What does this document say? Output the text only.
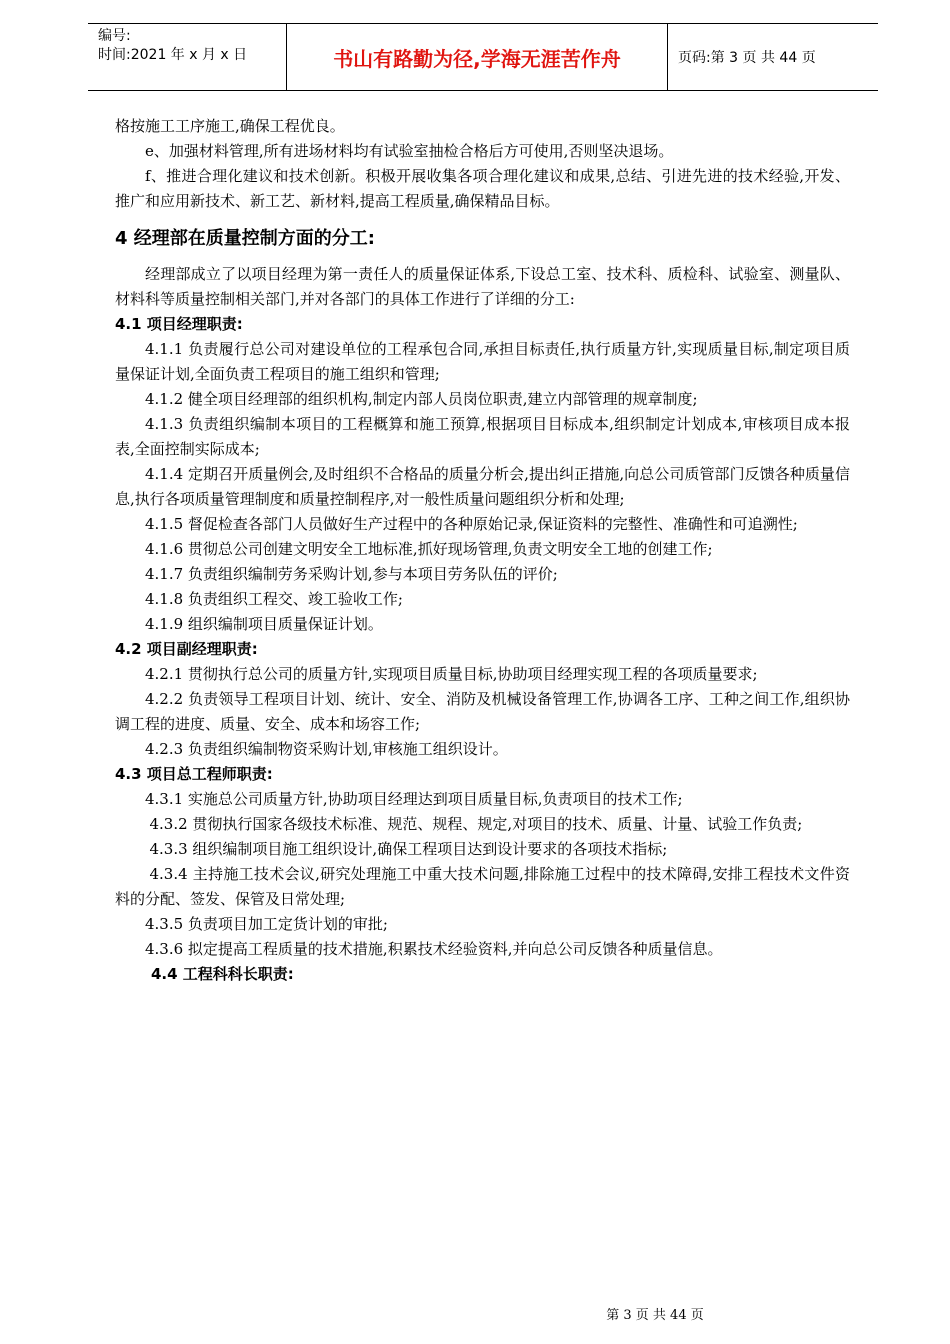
编号:
时间:2021 年 x 月 x 日	书山有路勤为径,学海无涯苦作舟	页码:第 3 页 共 44 页

格按施工工序施工,确保工程优良。

e、加强材料管理,所有进场材料均有试验室抽检合格后方可使用,否则坚决退场。

f、推进合理化建议和技术创新。积极开展收集各项合理化建议和成果,总结、引进先进的技术经验,开发、推广和应用新技术、新工艺、新材料,提高工程质量,确保精品目标。

4 经理部在质量控制方面的分工:

经理部成立了以项目经理为第一责任人的质量保证体系,下设总工室、技术科、质检科、试验室、测量队、材料科等质量控制相关部门,并对各部门的具体工作进行了详细的分工:

4.1 项目经理职责:

4.1.1 负责履行总公司对建设单位的工程承包合同,承担目标责任,执行质量方针,实现质量目标,制定项目质量保证计划,全面负责工程项目的施工组织和管理;

4.1.2 健全项目经理部的组织机构,制定内部人员岗位职责,建立内部管理的规章制度;

4.1.3 负责组织编制本项目的工程概算和施工预算,根据项目目标成本,组织制定计划成本,审核项目成本报表,全面控制实际成本;

4.1.4 定期召开质量例会,及时组织不合格品的质量分析会,提出纠正措施,向总公司质管部门反馈各种质量信息,执行各项质量管理制度和质量控制程序,对一般性质量问题组织分析和处理;

4.1.5 督促检查各部门人员做好生产过程中的各种原始记录,保证资料的完整性、准确性和可追溯性;

4.1.6 贯彻总公司创建文明安全工地标准,抓好现场管理,负责文明安全工地的创建工作;

4.1.7 负责组织编制劳务采购计划,参与本项目劳务队伍的评价;

4.1.8 负责组织工程交、竣工验收工作;

4.1.9 组织编制项目质量保证计划。

4.2 项目副经理职责:

4.2.1 贯彻执行总公司的质量方针,实现项目质量目标,协助项目经理实现工程的各项质量要求;

4.2.2 负责领导工程项目计划、统计、安全、消防及机械设备管理工作,协调各工序、工种之间工作,组织协调工程的进度、质量、安全、成本和场容工作;

4.2.3 负责组织编制物资采购计划,审核施工组织设计。

4.3 项目总工程师职责:

4.3.1 实施总公司质量方针,协助项目经理达到项目质量目标,负责项目的技术工作;

4.3.2 贯彻执行国家各级技术标准、规范、规程、规定,对项目的技术、质量、计量、试验工作负责;

4.3.3 组织编制项目施工组织设计,确保工程项目达到设计要求的各项技术指标;

4.3.4 主持施工技术会议,研究处理施工中重大技术问题,排除施工过程中的技术障碍,安排工程技术文件资料的分配、签发、保管及日常处理;

4.3.5 负责项目加工定货计划的审批;

4.3.6 拟定提高工程质量的技术措施,积累技术经验资料,并向总公司反馈各种质量信息。

4.4 工程科科长职责:

第 3 页 共 44 页
